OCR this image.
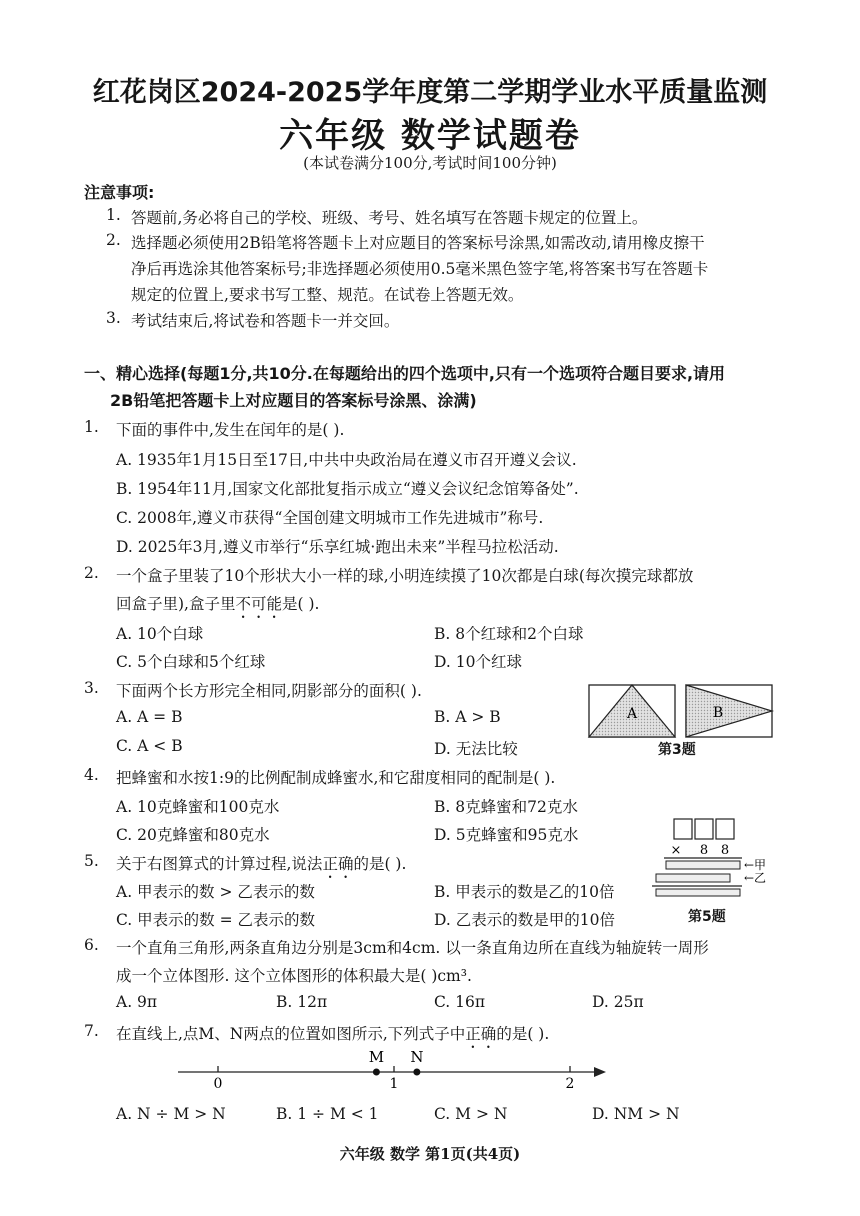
红花岗区2024-2025学年度第二学期学业水平质量监测
六年级 数学试题卷
(本试卷满分100分,考试时间100分钟)
注意事项:
1. 答题前,务必将自己的学校、班级、考号、姓名填写在答题卡规定的位置上。
2. 选择题必须使用2B铅笔将答题卡上对应题目的答案标号涂黑,如需改动,请用橡皮擦干
净后再选涂其他答案标号;非选择题必须使用0.5毫米黑色签字笔,将答案书写在答题卡
规定的位置上,要求书写工整、规范。在试卷上答题无效。
3. 考试结束后,将试卷和答题卡一并交回。
一、精心选择(每题1分,共10分.在每题给出的四个选项中,只有一个选项符合题目要求,请用
2B铅笔把答题卡上对应题目的答案标号涂黑、涂满)
1. 下面的事件中,发生在闰年的是( ).
A. 1935年1月15日至17日,中共中央政治局在遵义市召开遵义会议.
B. 1954年11月,国家文化部批复指示成立“遵义会议纪念馆筹备处”.
C. 2008年,遵义市获得“全国创建文明城市工作先进城市”称号.
D. 2025年3月,遵义市举行“乐享红城·跑出未来”半程马拉松活动.
2. 一个盒子里装了10个形状大小一样的球,小明连续摸了10次都是白球(每次摸完球都放
回盒子里),盒子里不可能是( ).
A. 10个白球	B. 8个红球和2个白球
C. 5个白球和5个红球	D. 10个红球
3. 下面两个长方形完全相同,阴影部分的面积( ).
A. A = B	B. A > B
C. A < B	D. 无法比较
A	B
第3题
4. 把蜂蜜和水按1:9的比例配制成蜂蜜水,和它甜度相同的配制是( ).
A. 10克蜂蜜和100克水	B. 8克蜂蜜和72克水
C. 20克蜂蜜和80克水	D. 5克蜂蜜和95克水
5. 关于右图算式的计算过程,说法正确的是( ).
A. 甲表示的数 > 乙表示的数	B. 甲表示的数是乙的10倍
C. 甲表示的数 = 乙表示的数	D. 乙表示的数是甲的10倍
× 8 8
←甲
←乙
第5题
6. 一个直角三角形,两条直角边分别是3cm和4cm. 以一条直角边所在直线为轴旋转一周形
成一个立体图形. 这个立体图形的体积最大是( )cm³.
A. 9π	B. 12π	C. 16π	D. 25π
7. 在直线上,点M、N两点的位置如图所示,下列式子中正确的是( ).
0	1	2
M N
A. N ÷ M > N	B. 1 ÷ M < 1	C. M > N	D. NM > N
六年级 数学 第1页(共4页)
